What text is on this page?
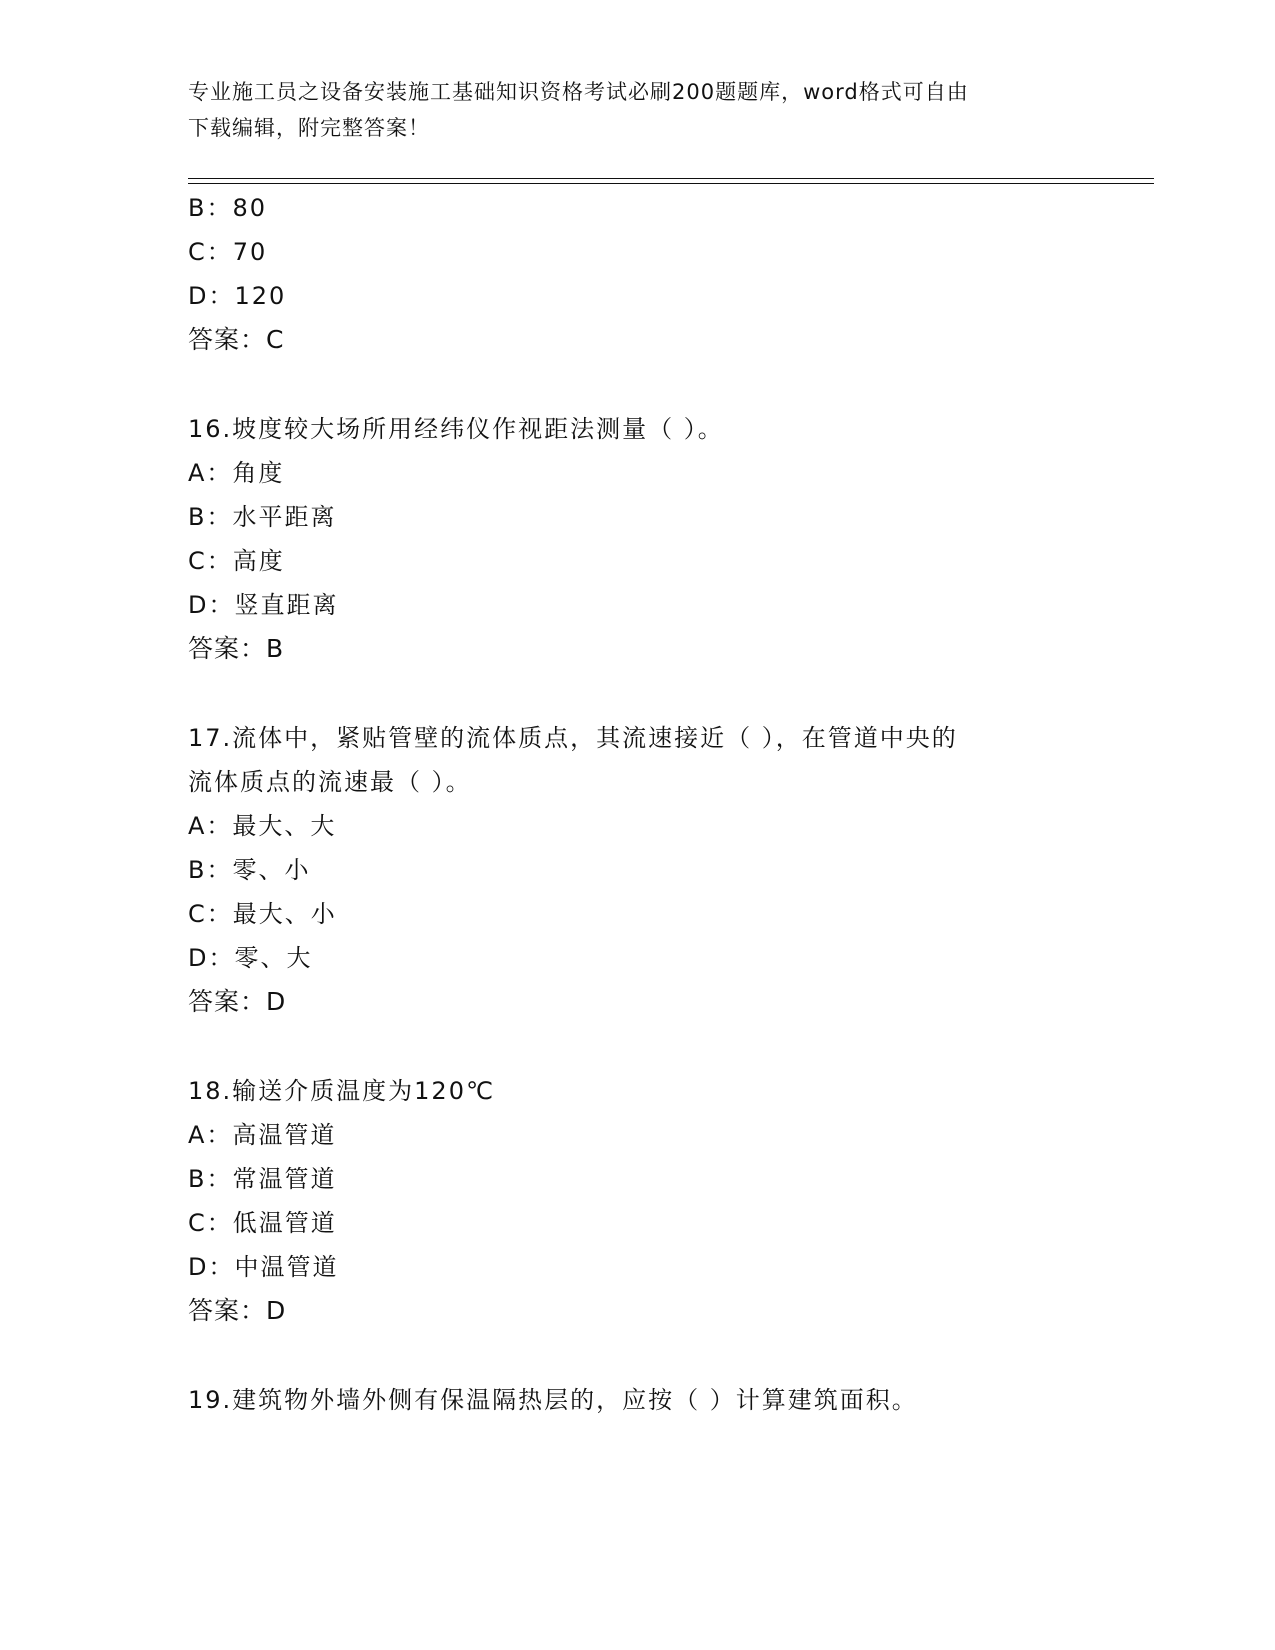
专业施工员之设备安装施工基础知识资格考试必刷200题题库，word格式可自由
下载编辑，附完整答案！
B：80
C：70
D：120
答案：C
16.坡度较大场所用经纬仪作视距法测量（ ）。
A：角度
B：水平距离
C：高度
D：竖直距离
答案：B
17.流体中，紧贴管壁的流体质点，其流速接近（ ），在管道中央的
流体质点的流速最（ ）。
A：最大、大
B：零、小
C：最大、小
D：零、大
答案：D
18.输送介质温度为120℃
A：高温管道
B：常温管道
C：低温管道
D：中温管道
答案：D
19.建筑物外墙外侧有保温隔热层的，应按（ ）计算建筑面积。
